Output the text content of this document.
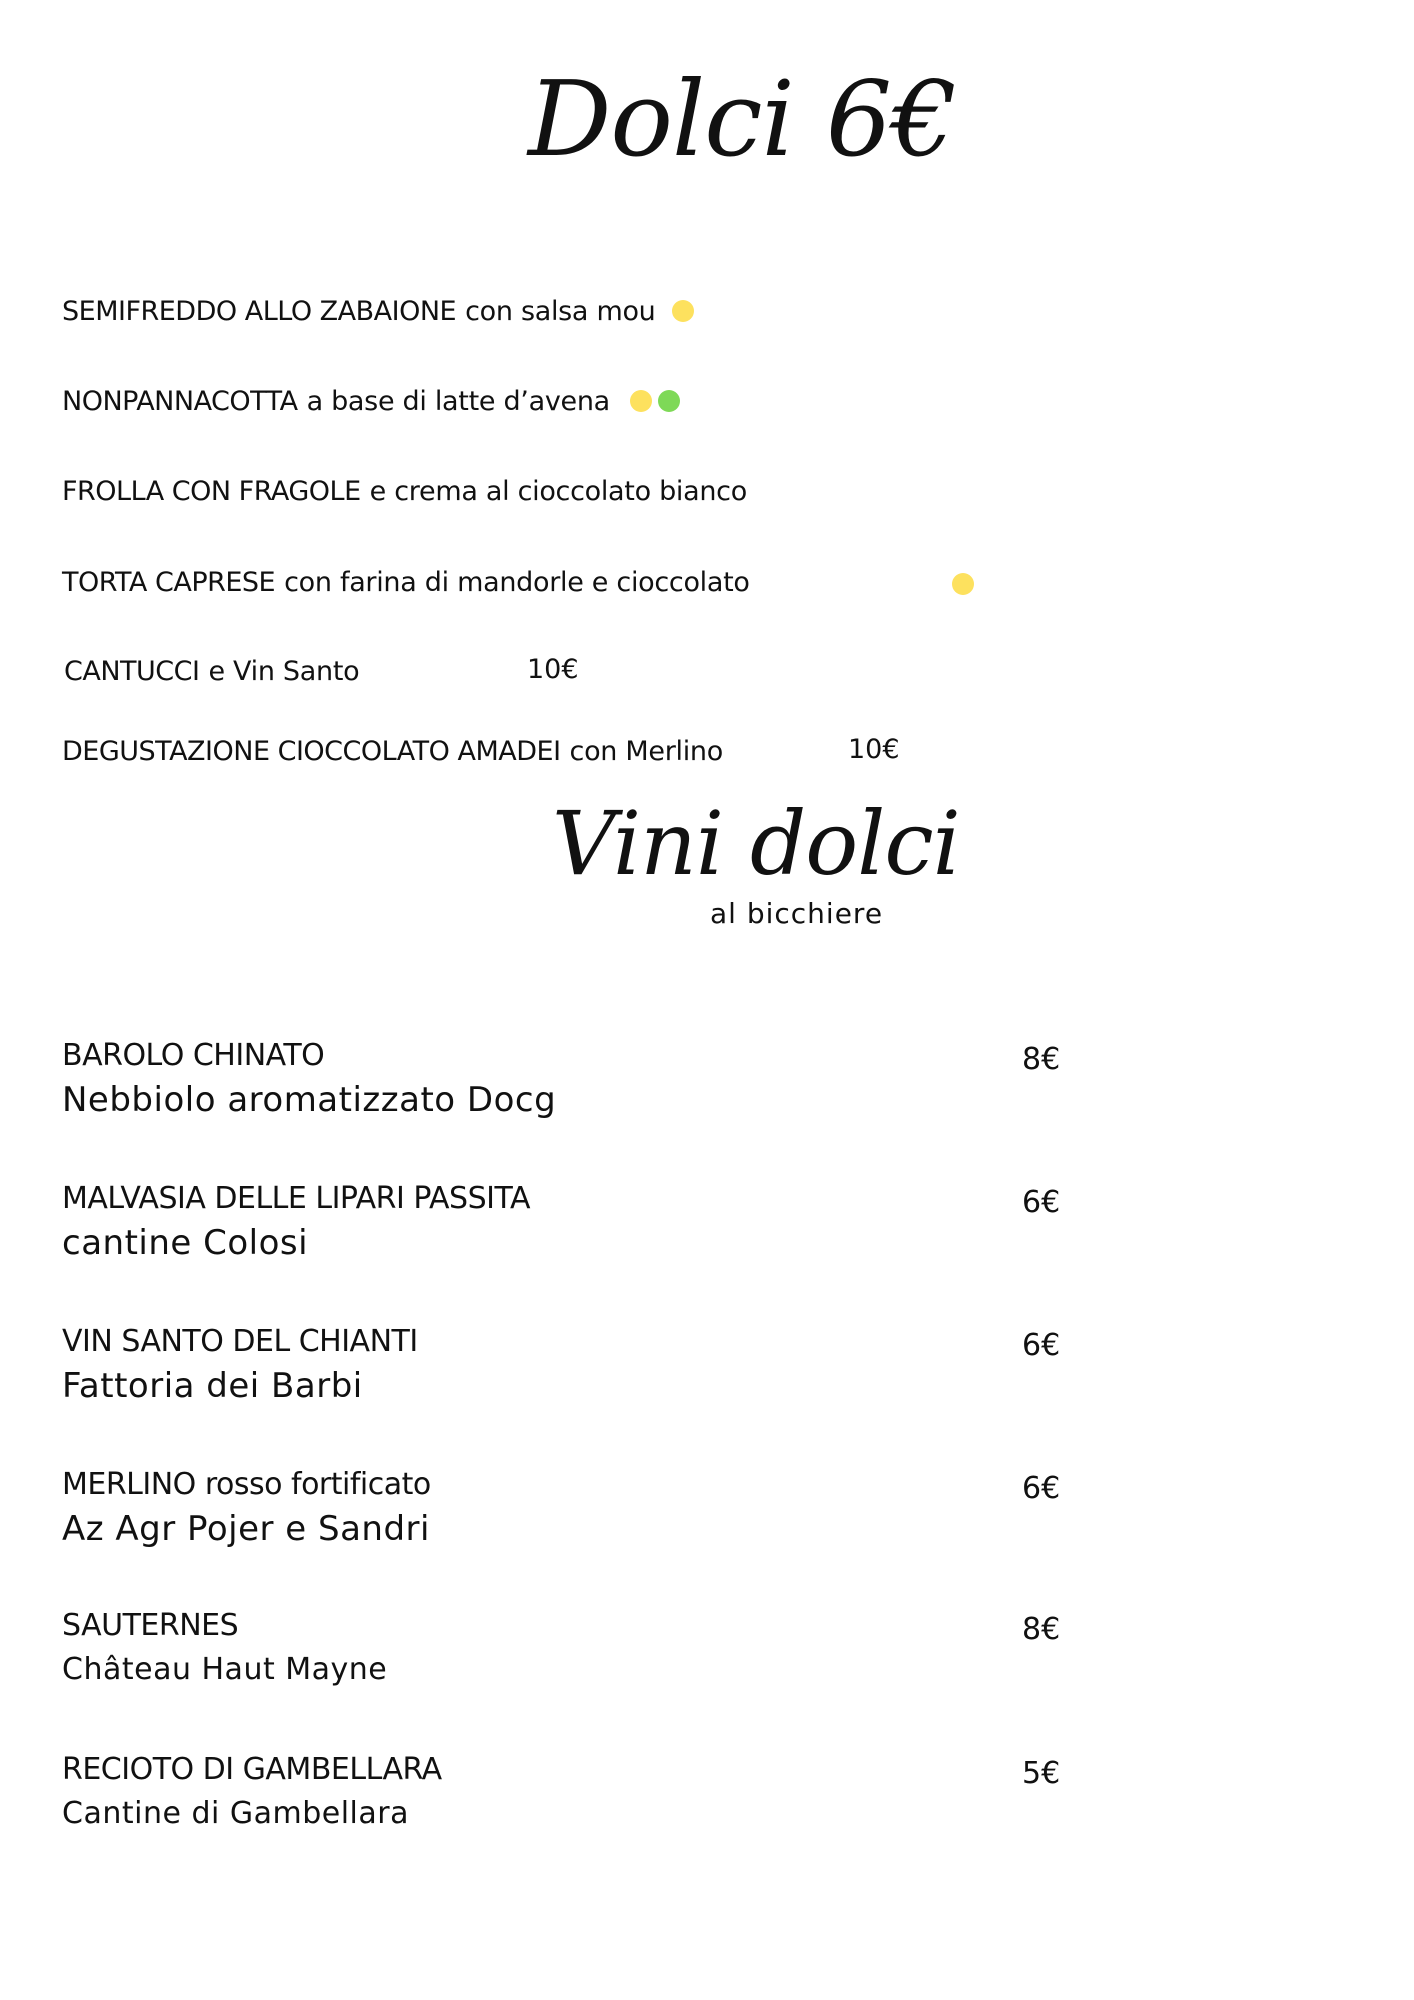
Dolci 6€
SEMIFREDDO ALLO ZABAIONE con salsa mou
NONPANNACOTTA a base di latte d’avena
FROLLA CON FRAGOLE e crema al cioccolato bianco
TORTA CAPRESE con farina di mandorle e cioccolato
CANTUCCI e Vin Santo	10€
DEGUSTAZIONE CIOCCOLATO AMADEI con Merlino	10€
Vini dolci
al bicchiere
BAROLO CHINATO
Nebbiolo aromatizzato Docg
8€
MALVASIA DELLE LIPARI PASSITA
cantine Colosi
6€
VIN SANTO DEL CHIANTI
Fattoria dei Barbi
6€
MERLINO rosso fortificato
Az Agr Pojer e Sandri
6€
SAUTERNES
Château Haut Mayne
8€
RECIOTO DI GAMBELLARA
Cantine di Gambellara
5€
